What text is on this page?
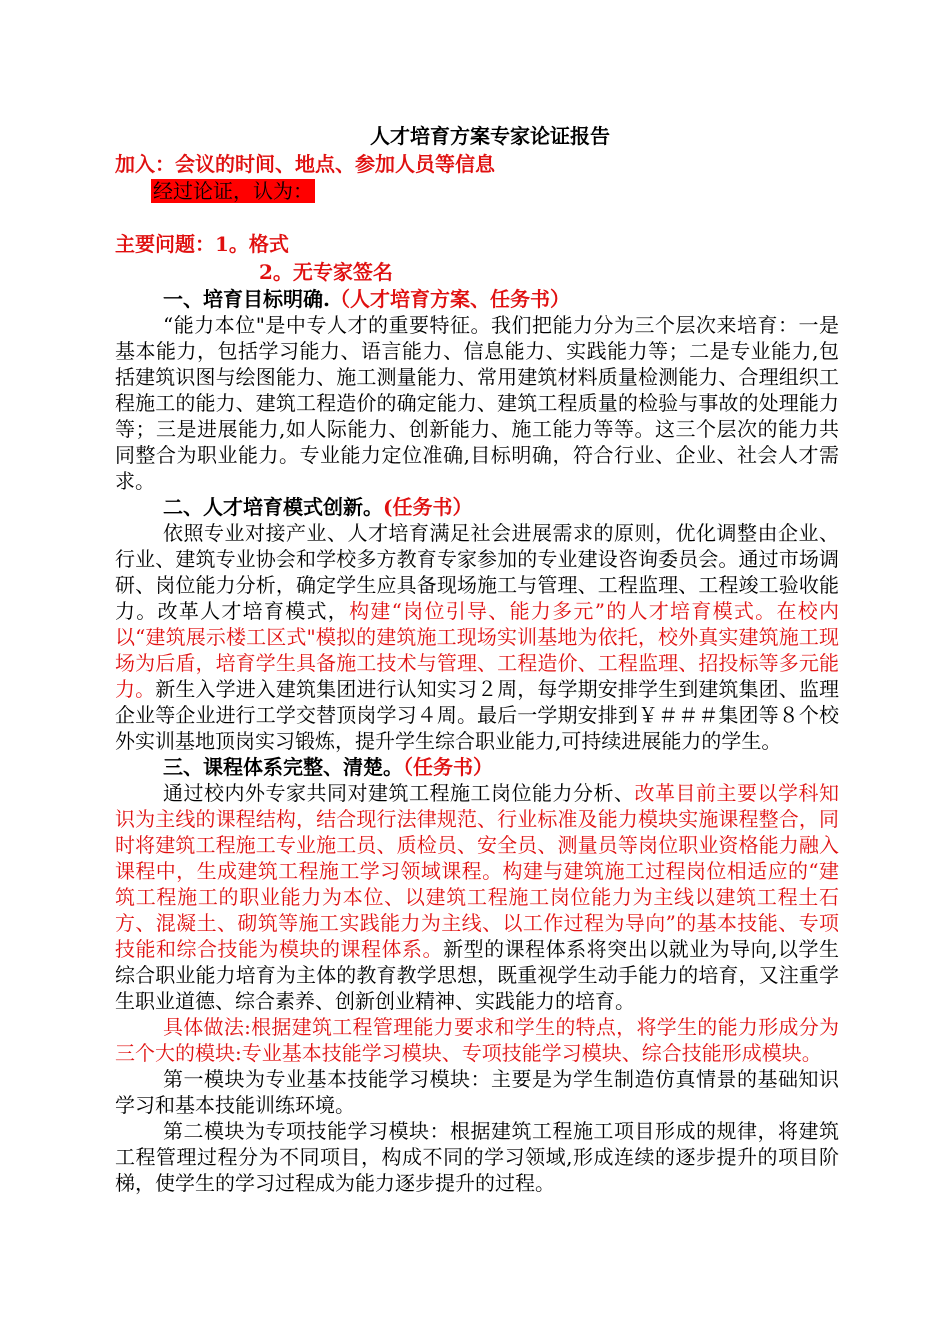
人才培育方案专家论证报告
加入：会议的时间、地点、参加人员等信息
经过论证，认为：
主要问题：1。格式
2。无专家签名
一、培育目标明确.（人才培育方案、任务书）

“能力本位"是中专人才的重要特征。我们把能力分为三个层次来培育：一是基本能力，包括学习能力、语言能力、信息能力、实践能力等；二是专业能力,包括建筑识图与绘图能力、施工测量能力、常用建筑材料质量检测能力、合理组织工程施工的能力、建筑工程造价的确定能力、建筑工程质量的检验与事故的处理能力等；三是进展能力,如人际能力、创新能力、施工能力等等。这三个层次的能力共同整合为职业能力。专业能力定位准确,目标明确，符合行业、企业、社会人才需求。

二、人才培育模式创新。(任务书）

依照专业对接产业、人才培育满足社会进展需求的原则，优化调整由企业、行业、建筑专业协会和学校多方教育专家参加的专业建设咨询委员会。通过市场调研、岗位能力分析，确定学生应具备现场施工与管理、工程监理、工程竣工验收能力。改革人才培育模式，构建“岗位引导、能力多元”的人才培育模式。在校内以“建筑展示楼工区式"模拟的建筑施工现场实训基地为依托，校外真实建筑施工现场为后盾，培育学生具备施工技术与管理、工程造价、工程监理、招投标等多元能力。新生入学进入建筑集团进行认知实习２周，每学期安排学生到建筑集团、监理企业等企业进行工学交替顶岗学习４周。最后一学期安排到￥＃＃＃集团等８个校外实训基地顶岗实习锻炼，提升学生综合职业能力,可持续进展能力的学生。

三、课程体系完整、清楚。（任务书）

通过校内外专家共同对建筑工程施工岗位能力分析、改革目前主要以学科知识为主线的课程结构，结合现行法律规范、行业标准及能力模块实施课程整合，同时将建筑工程施工专业施工员、质检员、安全员、测量员等岗位职业资格能力融入课程中，生成建筑工程施工学习领域课程。构建与建筑施工过程岗位相适应的“建筑工程施工的职业能力为本位、以建筑工程施工岗位能力为主线以建筑工程土石方、混凝土、砌筑等施工实践能力为主线、以工作过程为导向”的基本技能、专项技能和综合技能为模块的课程体系。新型的课程体系将突出以就业为导向,以学生综合职业能力培育为主体的教育教学思想，既重视学生动手能力的培育，又注重学生职业道德、综合素养、创新创业精神、实践能力的培育。

具体做法:根据建筑工程管理能力要求和学生的特点，将学生的能力形成分为三个大的模块:专业基本技能学习模块、专项技能学习模块、综合技能形成模块。

第一模块为专业基本技能学习模块：主要是为学生制造仿真情景的基础知识学习和基本技能训练环境。

第二模块为专项技能学习模块：根据建筑工程施工项目形成的规律，将建筑工程管理过程分为不同项目，构成不同的学习领域,形成连续的逐步提升的项目阶梯，使学生的学习过程成为能力逐步提升的过程。
